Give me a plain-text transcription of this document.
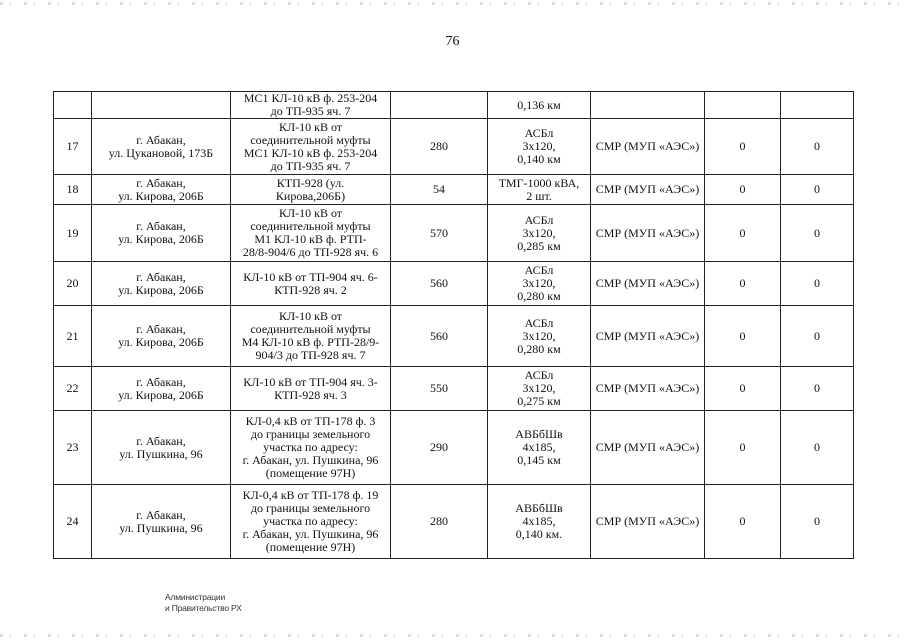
76

		МС1 КЛ-10 кВ ф. 253-204
до ТП-935 яч. 7		0,136 км			

17	г. Абакан,
ул. Цукановой, 173Б	КЛ-10 кВ от
соединительной муфты
МС1 КЛ-10 кВ ф. 253-204
до ТП-935 яч. 7	280	АСБл
3х120,
0,140 км	СМР (МУП «АЭС»)	0	0

18	г. Абакан,
ул. Кирова, 206Б	КТП-928 (ул.
Кирова,206Б)	54	ТМГ-1000 кВА,
2 шт.	СМР (МУП «АЭС»)	0	0

19	г. Абакан,
ул. Кирова, 206Б	КЛ-10 кВ от
соединительной муфты
М1 КЛ-10 кВ ф. РТП-
28/8-904/6 до ТП-928 яч. 6	570	АСБл
3х120,
0,285 км	СМР (МУП «АЭС»)	0	0

20	г. Абакан,
ул. Кирова, 206Б	КЛ-10 кВ от ТП-904 яч. 6-
КТП-928 яч. 2	560	АСБл
3х120,
0,280 км	СМР (МУП «АЭС»)	0	0

21	г. Абакан,
ул. Кирова, 206Б	КЛ-10 кВ от
соединительной муфты
М4 КЛ-10 кВ ф. РТП-28/9-
904/3 до ТП-928 яч. 7	560	АСБл
3х120,
0,280 км	СМР (МУП «АЭС»)	0	0

22	г. Абакан,
ул. Кирова, 206Б	КЛ-10 кВ от ТП-904 яч. 3-
КТП-928 яч. 3	550	АСБл
3х120,
0,275 км	СМР (МУП «АЭС»)	0	0

23	г. Абакан,
ул. Пушкина, 96	КЛ-0,4 кВ от ТП-178 ф. 3
до границы земельного
участка по адресу:
г. Абакан, ул. Пушкина, 96
(помещение 97Н)	290	АВБбШв
4х185,
0,145 км	СМР (МУП «АЭС»)	0	0

24	г. Абакан,
ул. Пушкина, 96	КЛ-0,4 кВ от ТП-178 ф. 19
до границы земельного
участка по адресу:
г. Абакан, ул. Пушкина, 96
(помещение 97Н)	280	АВБбШв
4х185,
0,140 км.	СМР (МУП «АЭС»)	0	0
Алминистрации
и Правительство РХ
